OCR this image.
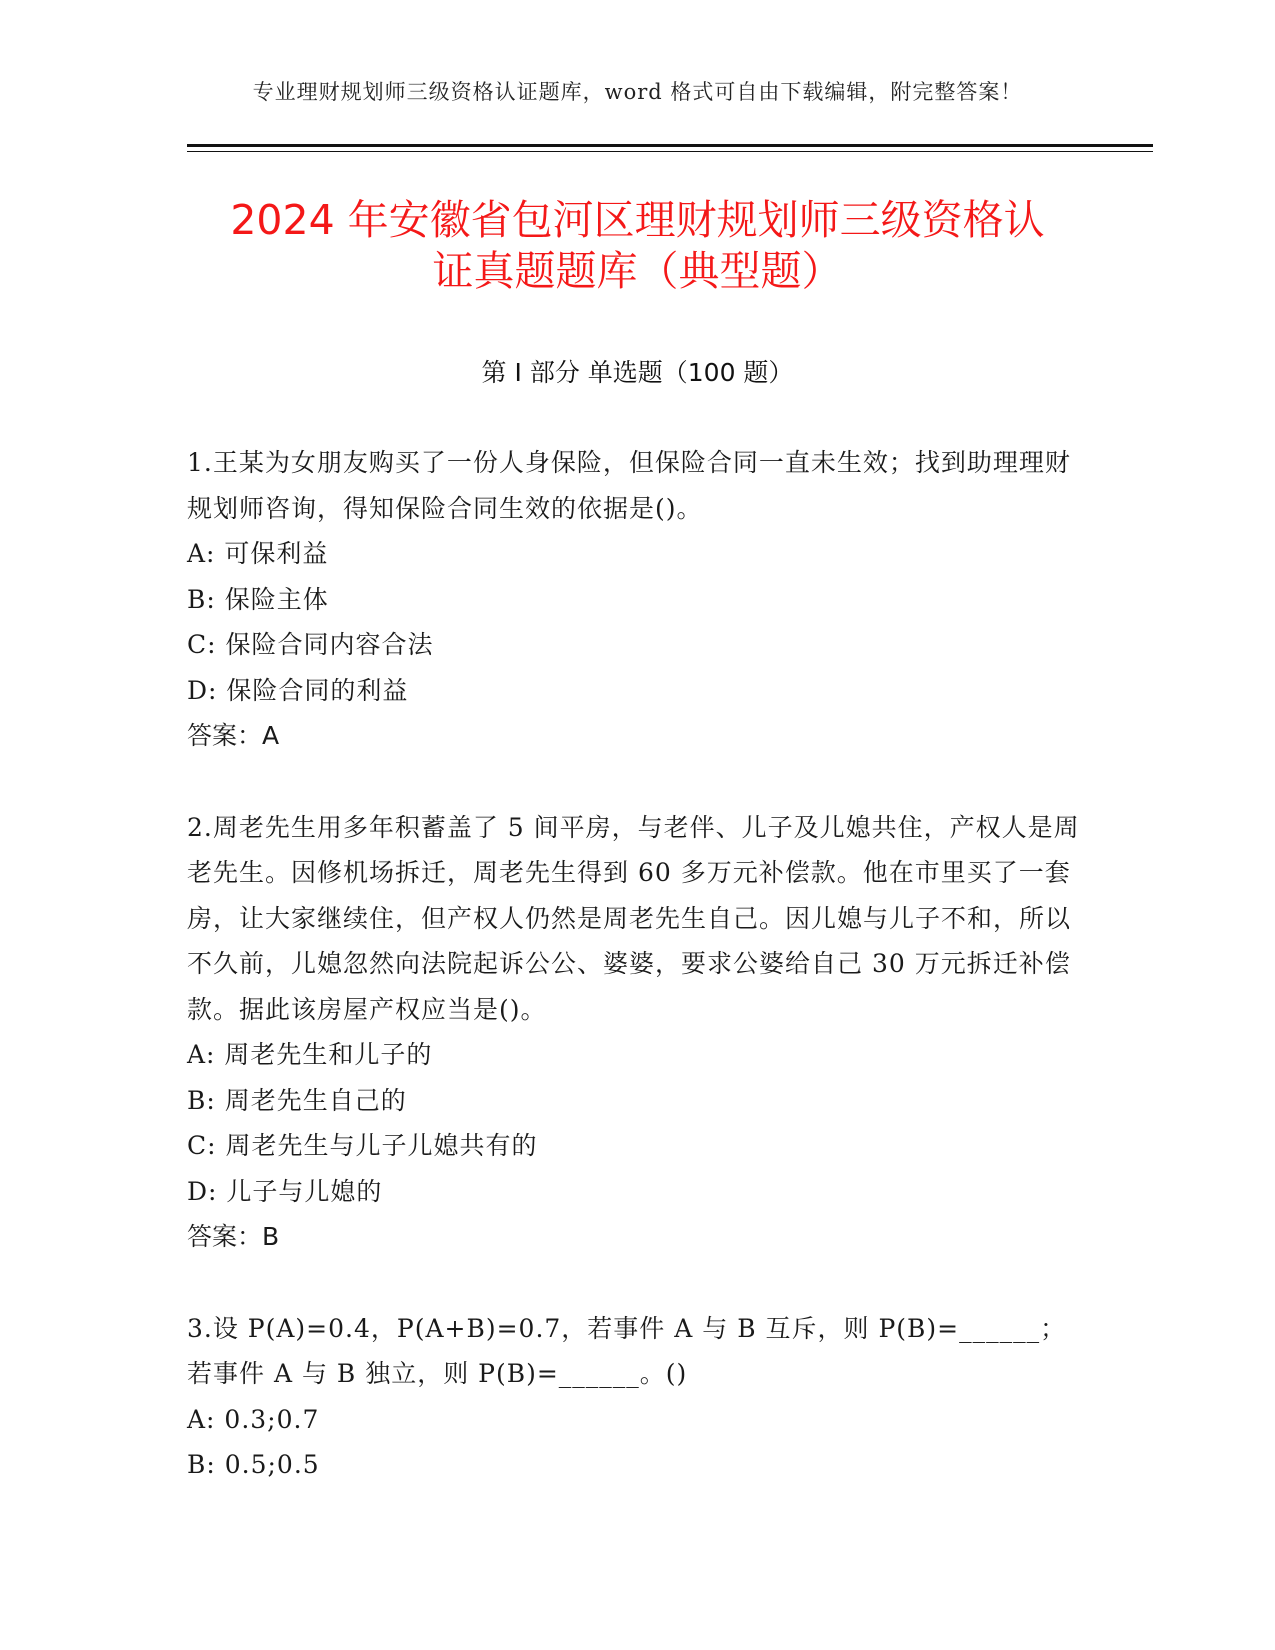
专业理财规划师三级资格认证题库，word 格式可自由下载编辑，附完整答案！
2024 年安徽省包河区理财规划师三级资格认
证真题题库（典型题）
第 I 部分 单选题（100 题）
1.王某为女朋友购买了一份人身保险，但保险合同一直未生效；找到助理理财规划师咨询，得知保险合同生效的依据是()。
A: 可保利益
B: 保险主体
C: 保险合同内容合法
D: 保险合同的利益
答案：A
2.周老先生用多年积蓄盖了 5 间平房，与老伴、儿子及儿媳共住，产权人是周老先生。因修机场拆迁，周老先生得到 60 多万元补偿款。他在市里买了一套房，让大家继续住，但产权人仍然是周老先生自己。因儿媳与儿子不和，所以不久前，儿媳忽然向法院起诉公公、婆婆，要求公婆给自己 30 万元拆迁补偿款。据此该房屋产权应当是()。
A: 周老先生和儿子的
B: 周老先生自己的
C: 周老先生与儿子儿媳共有的
D: 儿子与儿媳的
答案：B
3.设 P(A)=0.4，P(A+B)=0.7，若事件 A 与 B 互斥，则 P(B)=______；若事件 A 与 B 独立，则 P(B)=______。()
A: 0.3;0.7
B: 0.5;0.5
